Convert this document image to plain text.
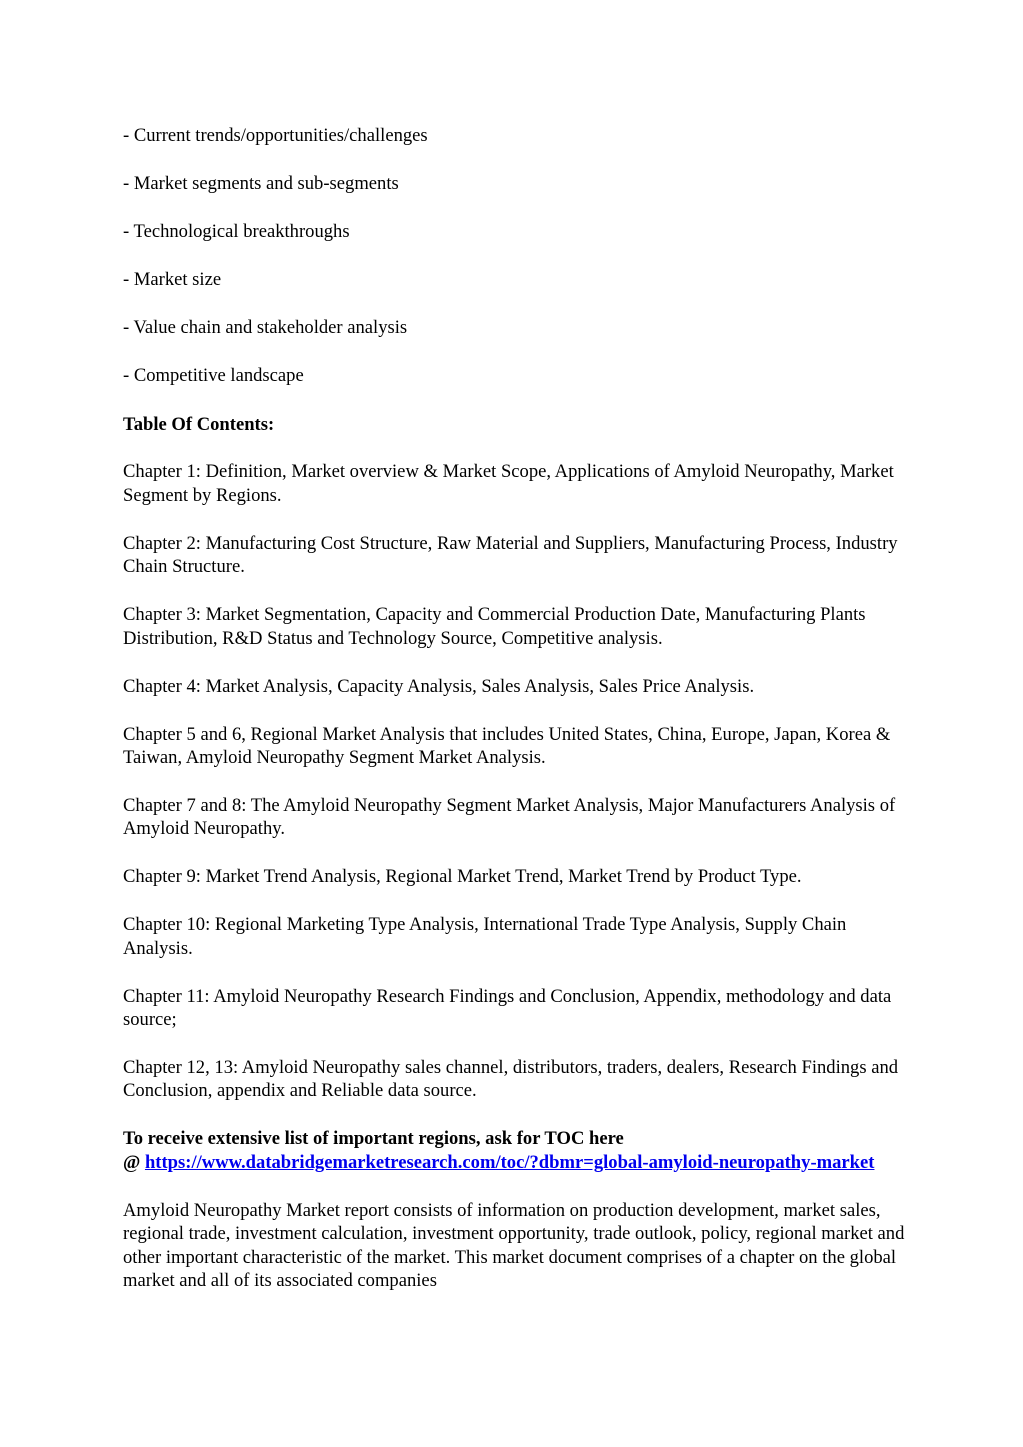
- Current trends/opportunities/challenges

- Market segments and sub-segments

- Technological breakthroughs

- Market size

- Value chain and stakeholder analysis

- Competitive landscape

Table Of Contents:

Chapter 1: Definition, Market overview & Market Scope, Applications of Amyloid Neuropathy, Market Segment by Regions.

Chapter 2: Manufacturing Cost Structure, Raw Material and Suppliers, Manufacturing Process, Industry Chain Structure.

Chapter 3: Market Segmentation, Capacity and Commercial Production Date, Manufacturing Plants Distribution, R&D Status and Technology Source, Competitive analysis.

Chapter 4: Market Analysis, Capacity Analysis, Sales Analysis, Sales Price Analysis.

Chapter 5 and 6, Regional Market Analysis that includes United States, China, Europe, Japan, Korea & Taiwan, Amyloid Neuropathy Segment Market Analysis.

Chapter 7 and 8: The Amyloid Neuropathy Segment Market Analysis, Major Manufacturers Analysis of Amyloid Neuropathy.

Chapter 9: Market Trend Analysis, Regional Market Trend, Market Trend by Product Type.

Chapter 10: Regional Marketing Type Analysis, International Trade Type Analysis, Supply Chain Analysis.

Chapter 11: Amyloid Neuropathy Research Findings and Conclusion, Appendix, methodology and data source;

Chapter 12, 13: Amyloid Neuropathy sales channel, distributors, traders, dealers, Research Findings and Conclusion, appendix and Reliable data source.

To receive extensive list of important regions, ask for TOC here
@ https://www.databridgemarketresearch.com/toc/?dbmr=global-amyloid-neuropathy-market

Amyloid Neuropathy Market report consists of information on production development, market sales, regional trade, investment calculation, investment opportunity, trade outlook, policy, regional market and other important characteristic of the market. This market document comprises of a chapter on the global market and all of its associated companies
